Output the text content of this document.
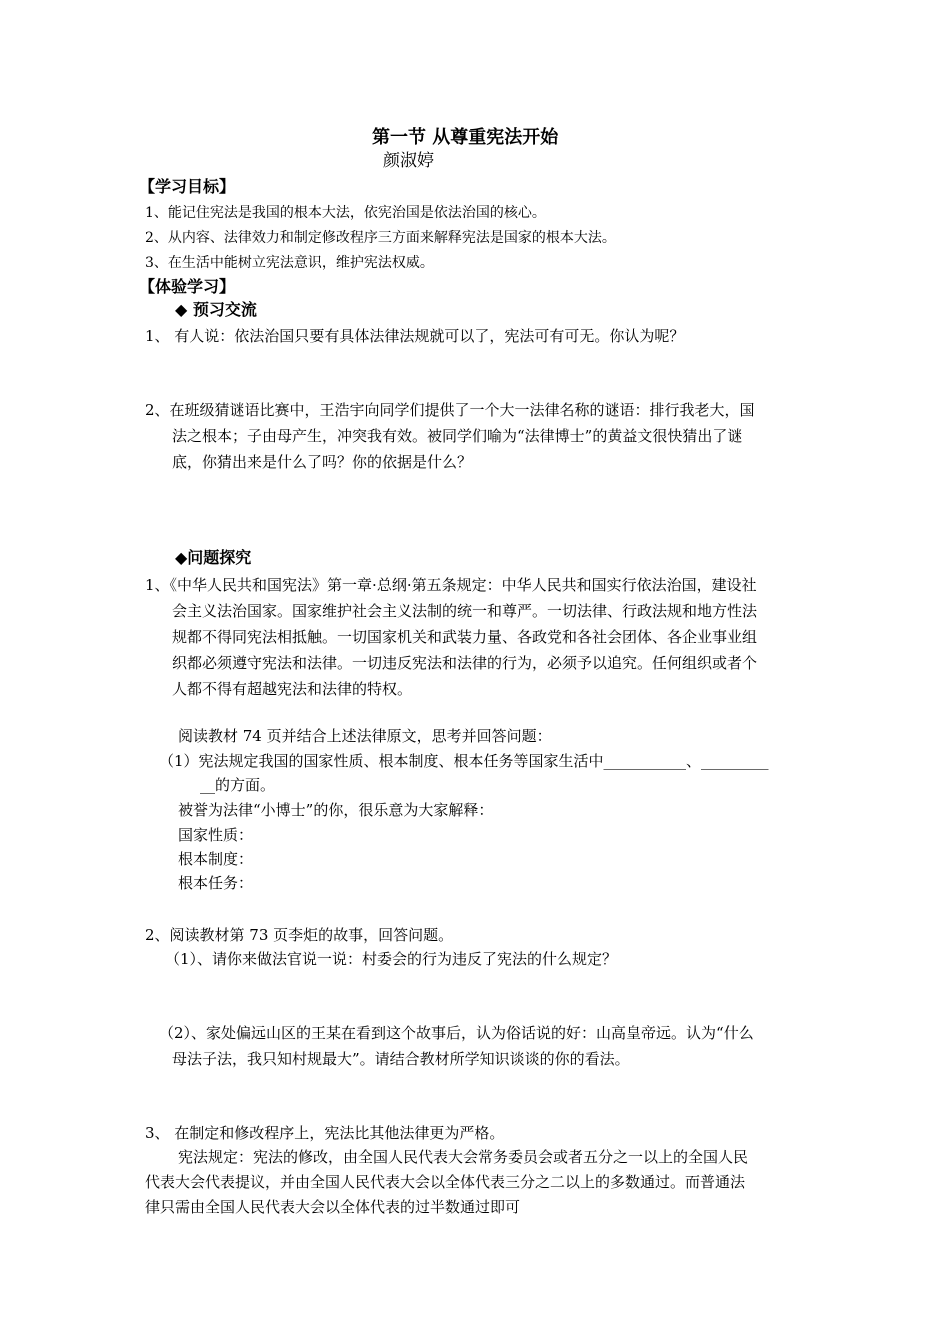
第一节 从尊重宪法开始
颜淑婷
【学习目标】
1、能记住宪法是我国的根本大法，依宪治国是依法治国的核心。
2、从内容、法律效力和制定修改程序三方面来解释宪法是国家的根本大法。
3、在生活中能树立宪法意识，维护宪法权威。
【体验学习】
◆ 预习交流
1、 有人说：依法治国只要有具体法律法规就可以了，宪法可有可无。你认为呢？
2、在班级猜谜语比赛中，王浩宇向同学们提供了一个大一法律名称的谜语：排行我老大，国
法之根本；子由母产生，冲突我有效。被同学们喻为“法律博士”的黄益文很快猜出了谜
底，你猜出来是什么了吗？你的依据是什么？
◆问题探究
1、《中华人民共和国宪法》第一章·总纲·第五条规定：中华人民共和国实行依法治国，建设社
会主义法治国家。国家维护社会主义法制的统一和尊严。一切法律、行政法规和地方性法
规都不得同宪法相抵触。一切国家机关和武装力量、各政党和各社会团体、各企业事业组
织都必须遵守宪法和法律。一切违反宪法和法律的行为，必须予以追究。任何组织或者个
人都不得有超越宪法和法律的特权。
阅读教材 74 页并结合上述法律原文，思考并回答问题：
（1）宪法规定我国的国家性质、根本制度、根本任务等国家生活中___________、_________
__的方面。
被誉为法律“小博士”的你，很乐意为大家解释：
国家性质：
根本制度：
根本任务：
2、阅读教材第 73 页李炬的故事，回答问题。
（1）、请你来做法官说一说：村委会的行为违反了宪法的什么规定？
（2）、家处偏远山区的王某在看到这个故事后，认为俗话说的好：山高皇帝远。认为“什么
母法子法，我只知村规最大”。请结合教材所学知识谈谈的你的看法。
3、 在制定和修改程序上，宪法比其他法律更为严格。
宪法规定：宪法的修改，由全国人民代表大会常务委员会或者五分之一以上的全国人民
代表大会代表提议，并由全国人民代表大会以全体代表三分之二以上的多数通过。而普通法
律只需由全国人民代表大会以全体代表的过半数通过即可
